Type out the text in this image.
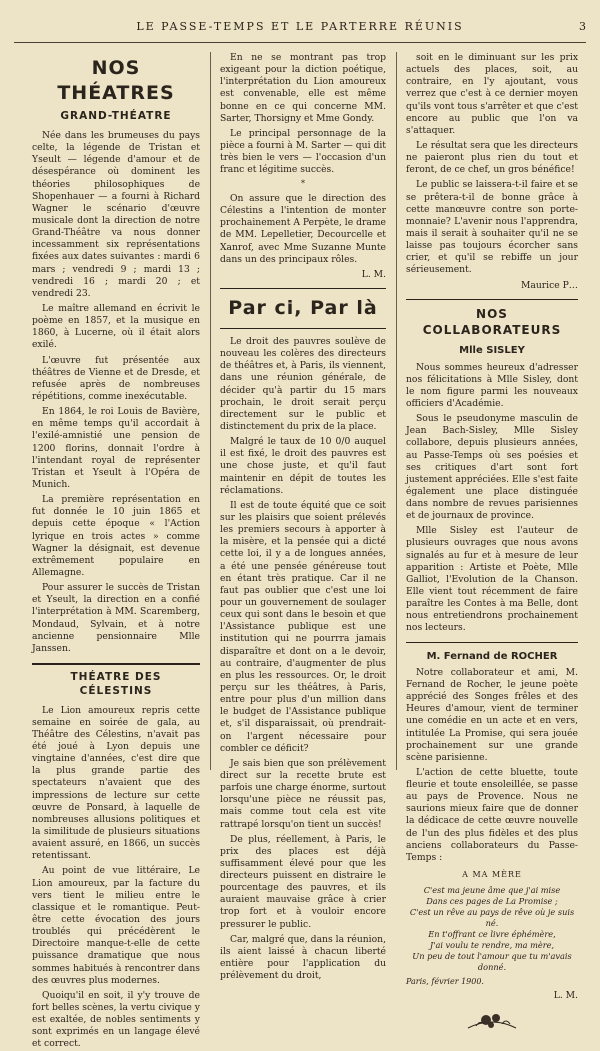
LE PASSE-TEMPS ET LE PARTERRE RÉUNIS	3
NOS THÉATRES
GRAND-THÉATRE

Née dans les brumeuses du pays celte, la légende de Tristan et Yseult — légende d'amour et de désespérance où dominent les théories philosophiques de Shopenhauer — a fourni à Richard Wagner le scénario d'œuvre musicale dont la direction de notre Grand-Théâtre va nous donner incessamment six représentations fixées aux dates suivantes : mardi 6 mars ; vendredi 9 ; mardi 13 ; vendredi 16 ; mardi 20 ; et vendredi 23.

Le maître allemand en écrivit le poème en 1857, et la musique en 1860, à Lucerne, où il était alors exilé.

L'œuvre fut présentée aux théâtres de Vienne et de Dresde, et refusée après de nombreuses répétitions, comme inexécutable.

En 1864, le roi Louis de Bavière, en même temps qu'il accordait à l'exilé-amnistié une pension de 1200 florins, donnait l'ordre à l'intendant royal de représenter Tristan et Yseult à l'Opéra de Munich.

La première représentation en fut donnée le 10 juin 1865 et depuis cette époque « l'Action lyrique en trois actes » comme Wagner la désignait, est devenue extrêmement populaire en Allemagne.

Pour assurer le succès de Tristan et Yseult, la direction en a confié l'interprétation à MM. Scaremberg, Mondaud, Sylvain, et à notre ancienne pensionnaire Mlle Janssen.

THÉATRE DES CÉLESTINS

Le Lion amoureux repris cette semaine en soirée de gala, au Théâtre des Célestins, n'avait pas été joué à Lyon depuis une vingtaine d'années, c'est dire que la plus grande partie des spectateurs n'avaient que des impressions de lecture sur cette œuvre de Ponsard, à laquelle de nombreuses allusions politiques et la similitude de plusieurs situations avaient assuré, en 1866, un succès retentissant.

Au point de vue littéraire, Le Lion amoureux, par la facture du vers tient le milieu entre le classique et le romantique. Peut-être cette évocation des jours troublés qui précédèrent le Directoire manque-t-elle de cette puissance dramatique que nous sommes habitués à rencontrer dans des œuvres plus modernes.

Quoiqu'il en soit, il y'y trouve de fort belles scènes, la vertu civique y est exaltée, de nobles sentiments y sont exprimés en un langage élevé et correct.

En ne se montrant pas trop exigeant pour la diction poétique, l'interprétation du Lion amoureux est convenable, elle est même bonne en ce qui concerne MM. Sarter, Thorsigny et Mme Gondy.

Le principal personnage de la pièce a fourni à M. Sarter — qui dit très bien le vers — l'occasion d'un franc et légitime succès.

*

On assure que le direction des Célestins a l'intention de monter prochainement A Perpète, le drame de MM. Lepelletier, Decourcelle et Xanrof, avec Mme Suzanne Munte dans un des principaux rôles.

L. M.
Par ci, Par là

Le droit des pauvres soulève de nouveau les colères des directeurs de théâtres et, à Paris, ils viennent, dans une réunion générale, de décider qu'à partir du 15 mars prochain, le droit serait perçu directement sur le public et distinctement du prix de la place.

Malgré le taux de 10 0/0 auquel il est fixé, le droit des pauvres est une chose juste, et qu'il faut maintenir en dépit de toutes les réclamations.

Il est de toute équité que ce soit sur les plaisirs que soient prélevés les premiers secours à apporter à la misère, et la pensée qui a dicté cette loi, il y a de longues années, a été une pensée généreuse tout en étant très pratique. Car il ne faut pas oublier que c'est une loi pour un gouvernement de soulager ceux qui sont dans le besoin et que l'Assistance publique est une institution qui ne pourrra jamais disparaître et dont on a le devoir, au contraire, d'augmenter de plus en plus les ressources. Or, le droit perçu sur les théâtres, à Paris, entre pour plus d'un million dans le budget de l'Assistance publique et, s'il disparaissait, où prendrait-on l'argent nécessaire pour combler ce déficit?

Je sais bien que son prélèvement direct sur la recette brute est parfois une charge énorme, surtout lorsqu'une pièce ne réussit pas, mais comme tout cela est vite rattrapé lorsqu'on tient un succès!

De plus, réellement, à Paris, le prix des places est déjà suffisamment élevé pour que les directeurs puissent en distraire le pourcentage des pauvres, et ils auraient mauvaise grâce à crier trop fort et à vouloir encore pressurer le public.

Car, malgré que, dans la réunion, ils aient laissé à chacun liberté entière pour l'application du prélèvement du droit,

soit en le diminuant sur les prix actuels des places, soit, au contraire, en l'y ajoutant, vous verrez que c'est à ce dernier moyen qu'ils vont tous s'arrêter et que c'est encore au public que l'on va s'attaquer.

Le résultat sera que les directeurs ne paieront plus rien du tout et feront, de ce chef, un gros bénéfice!

Le public se laissera-t-il faire et se se prêtera-t-il de bonne grâce à cette manœuvre contre son porte-monnaie? L'avenir nous l'apprendra, mais il serait à souhaiter qu'il ne se laisse pas toujours écorcher sans crier, et qu'il se rebiffe un jour sérieusement.

Maurice P…
NOS COLLABORATEURS
Mlle SISLEY

Nous sommes heureux d'adresser nos félicitations à Mlle Sisley, dont le nom figure parmi les nouveaux officiers d'Académie.

Sous le pseudonyme masculin de Jean Bach-Sisley, Mlle Sisley collabore, depuis plusieurs années, au Passe-Temps où ses poésies et ses critiques d'art sont fort justement appréciées. Elle s'est faite également une place distinguée dans nombre de revues parisiennes et de journaux de province.

Mlle Sisley est l'auteur de plusieurs ouvrages que nous avons signalés au fur et à mesure de leur apparition : Artiste et Poète, Mlle Galliot, l'Evolution de la Chanson. Elle vient tout récemment de faire paraître les Contes à ma Belle, dont nous entretiendrons prochainement nos lecteurs.

M. Fernand de ROCHER

Notre collaborateur et ami, M. Fernand de Rocher, le jeune poète apprécié des Songes frêles et des Heures d'amour, vient de terminer une comédie en un acte et en vers, intitulée La Promise, qui sera jouée prochainement sur une grande scène parisienne.

L'action de cette bluette, toute fleurie et toute ensoleillée, se passe au pays de Provence. Nous ne saurions mieux faire que de donner la dédicace de cette œuvre nouvelle de l'un des plus fidèles et des plus anciens collaborateurs du Passe-Temps :

A MA MÈRE
C'est ma jeune âme que j'ai mise
Dans ces pages de La Promise ;
C'est un rêve au pays de rêve où je suis né.
En t'offrant ce livre éphémère,
J'ai voulu te rendre, ma mère,
Un peu de tout l'amour que tu m'avais donné.
Paris, février 1900.
L. M.
